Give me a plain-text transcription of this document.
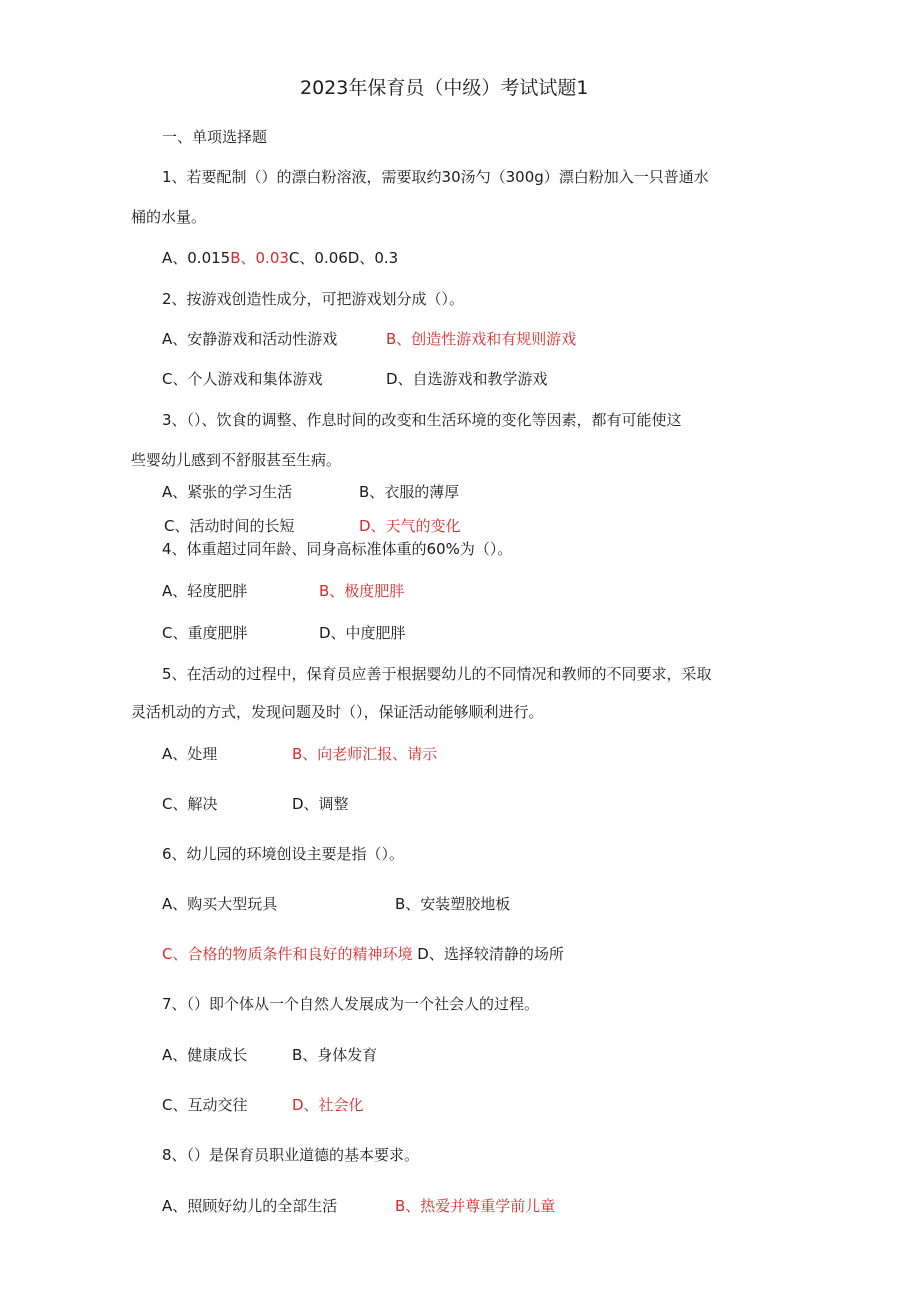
2023年保育员（中级）考试试题1
一、单项选择题
1、若要配制（）的漂白粉溶液，需要取约30汤勺（300g）漂白粉加入一只普通水
桶的水量。
A、0.015B、0.03C、0.06D、0.3
2、按游戏创造性成分，可把游戏划分成（）。
A、安静游戏和活动性游戏	B、创造性游戏和有规则游戏
C、个人游戏和集体游戏	D、自选游戏和教学游戏
3、（）、饮食的调整、作息时间的改变和生活环境的变化等因素，都有可能使这
些婴幼儿感到不舒服甚至生病。
A、紧张的学习生活	B、衣服的薄厚
C、活动时间的长短	D、天气的变化
4、体重超过同年龄、同身高标准体重的60%为（）。
A、轻度肥胖	B、极度肥胖
C、重度肥胖	D、中度肥胖
5、在活动的过程中，保育员应善于根据婴幼儿的不同情况和教师的不同要求，采取
灵活机动的方式，发现问题及时（），保证活动能够顺利进行。
A、处理	B、向老师汇报、请示
C、解决	D、调整
6、幼儿园的环境创设主要是指（）。
A、购买大型玩具	B、安装塑胶地板
C、合格的物质条件和良好的精神环境 D、选择较清静的场所
7、（）即个体从一个自然人发展成为一个社会人的过程。
A、健康成长	B、身体发育
C、互动交往	D、社会化
8、（）是保育员职业道德的基本要求。
A、照顾好幼儿的全部生活	B、热爱并尊重学前儿童
